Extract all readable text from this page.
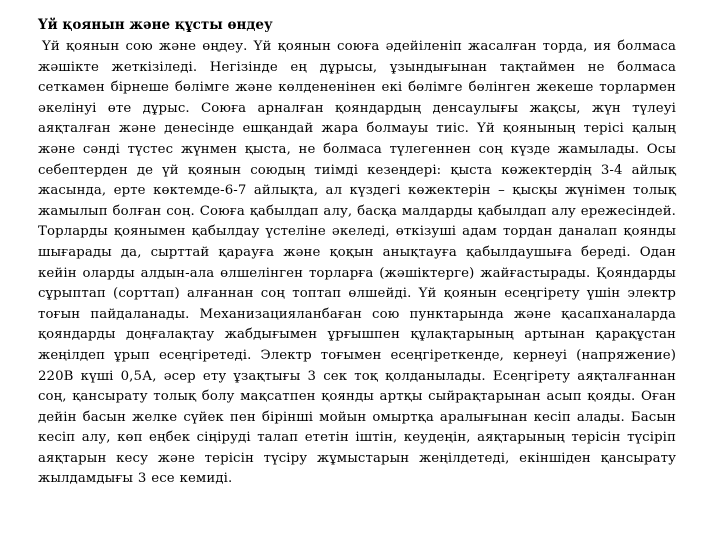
Үй қоянын және құсты өндеу

Үй қоянын сою және өңдеу. Үй қоянын союға әдейіленіп жасалған торда, ия болмаса жәшікте жеткізіледі. Негізінде ең дұрысы, ұзындығынан тақтаймен не болмаса сеткамен бірнеше бөлімге және көлдененінен екі бөлімге бөлінген жекеше торлармен әкелінуі өте дұрыс. Союға арналған қояндардың денсаулығы жақсы, жүн түлеуі аяқталған және денесінде ешқандай жара болмауы тиіс. Үй қоянының терісі қалың және сәнді түстес жүнмен қыста, не болмаса түлегеннен соң күзде жамылады. Осы себептерден де үй қоянын союдың тиімді кезеңдері: қыста көжектердің 3-4 айлық жасында, ерте көктемде-6-7 айлықта, ал күздегі көжектерін – қысқы жүнімен толық жамылып болған соң. Союға қабылдап алу, басқа малдарды қабылдап алу ережесіндей. Торларды қоянымен қабылдау үстеліне әкеледі, өткізуші адам тордан даналап қоянды шығарады да, сырттай қарауға және қоқын анықтауға қабылдаушыға береді. Одан кейін оларды алдын-ала өлшелінген торларға (жәшіктерге) жайғастырады. Қояндарды сұрыптап (сорттап) алғаннан соң топтап өлшейді. Үй қоянын есеңгірету үшін электр тоғын пайдаланады. Механизацияланбаған сою пунктарында және қасапханаларда қояндарды доңғалақтау жабдығымен ұрғышпен құлақтарының артынан қарақұстан жеңілдеп ұрып есеңгіретеді. Электр тоғымен есеңгіреткенде, кернеуі (напряжение) 220В күші 0,5А, әсер ету ұзақтығы 3 сек тоқ қолданылады. Есеңгірету аяқталғаннан соң, қансырату толық болу мақсатпен қоянды артқы сыйрақтарынан асып қояды. Оған дейін басын желке сүйек пен бірінші мойын омыртқа аралығынан кесіп алады. Басын кесіп алу, көп еңбек сіңіруді талап ететін іштін, кеудеңін, аяқтарының терісін түсіріп аяқтарын кесу және терісін түсіру жұмыстарын жеңілдетеді, екіншіден қансырату жылдамдығы 3 есе кемиді.
